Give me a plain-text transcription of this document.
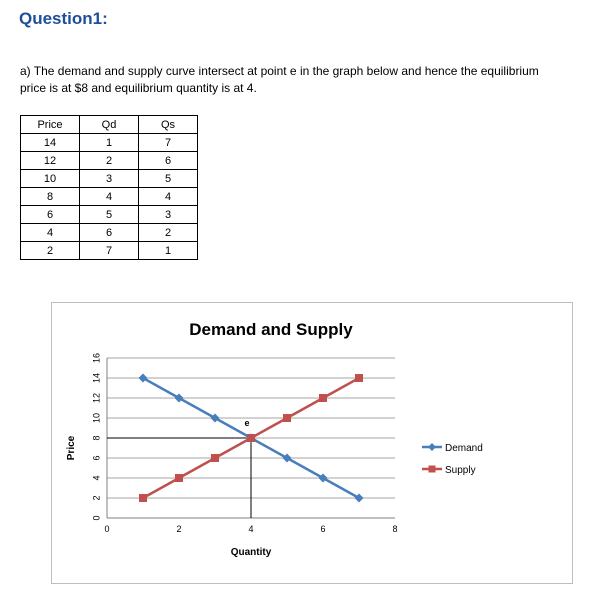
Question1:
a) The demand and supply curve intersect at point e in the graph below and hence the equilibrium
price is at $8 and equilibrium quantity is at 4.
Price	Qd	Qs
14	1	7
12	2	6
10	3	5
8	4	4
6	5	3
4	6	2
2	7	1
Demand and Supply
0
2
4
6
8
10
12
14
16
0	2	4	6	8
e
Quantity
Price	Demand
Supply
